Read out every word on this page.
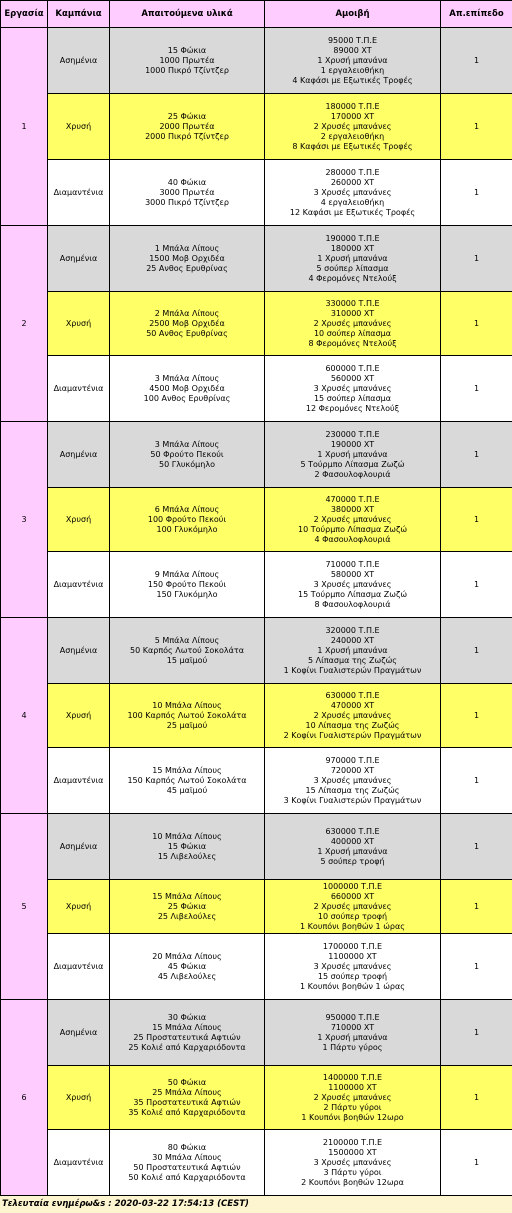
Εργασία	Καμπάνια	Απαιτούμενα υλικά	Αμοιβή	Απ.επίπεδο
1	Ασημένια	15 Φώκια
1000 Πρωτέα
1000 Πικρό Τζίντζερ	95000 Τ.Π.Ε
89000 XT
1 Χρυσή μπανάνα
1 εργαλειοθήκη
4 Καφάσι με Εξωτικές Τροφές	1
	Χρυσή	25 Φώκια
2000 Πρωτέα
2000 Πικρό Τζίντζερ	180000 Τ.Π.Ε
170000 XT
2 Χρυσές μπανάνες
2 εργαλειοθήκη
8 Καφάσι με Εξωτικές Τροφές	1
	Διαμαντένια	40 Φώκια
3000 Πρωτέα
3000 Πικρό Τζίντζερ	280000 Τ.Π.Ε
260000 XT
3 Χρυσές μπανάνες
4 εργαλειοθήκη
12 Καφάσι με Εξωτικές Τροφές	1
2	Ασημένια	1 Μπάλα Λίπους
1500 Μοβ Ορχιδέα
25 Ανθος Ερυθρίνας	190000 Τ.Π.Ε
180000 XT
1 Χρυσή μπανάνα
5 σούπερ λίπασμα
4 Φερομόνες Ντελούξ	1
	Χρυσή	2 Μπάλα Λίπους
2500 Μοβ Ορχιδέα
50 Ανθος Ερυθρίνας	330000 Τ.Π.Ε
310000 XT
2 Χρυσές μπανάνες
10 σούπερ λίπασμα
8 Φερομόνες Ντελούξ	1
	Διαμαντένια	3 Μπάλα Λίπους
4500 Μοβ Ορχιδέα
100 Ανθος Ερυθρίνας	600000 Τ.Π.Ε
560000 XT
3 Χρυσές μπανάνες
15 σούπερ λίπασμα
12 Φερομόνες Ντελούξ	1
3	Ασημένια	3 Μπάλα Λίπους
50 Φρούτο Πεκούι
50 Γλυκόμηλο	230000 Τ.Π.Ε
190000 XT
1 Χρυσή μπανάνα
5 Τούρμπο Λίπασμα Ζωζώ
2 Φασουλοφλουριά	1
	Χρυσή	6 Μπάλα Λίπους
100 Φρούτο Πεκούι
100 Γλυκόμηλο	470000 Τ.Π.Ε
380000 XT
2 Χρυσές μπανάνες
10 Τούρμπο Λίπασμα Ζωζώ
4 Φασουλοφλουριά	1
	Διαμαντένια	9 Μπάλα Λίπους
150 Φρούτο Πεκούι
150 Γλυκόμηλο	710000 Τ.Π.Ε
580000 XT
3 Χρυσές μπανάνες
15 Τούρμπο Λίπασμα Ζωζώ
8 Φασουλοφλουριά	1
4	Ασημένια	5 Μπάλα Λίπους
50 Καρπός Λωτού Σοκολάτα
15 μαϊμού	320000 Τ.Π.Ε
240000 XT
1 Χρυσή μπανάνα
5 Λίπασμα της Ζωζώς
1 Κοφίνι Γυαλιστερών Πραγμάτων	1
	Χρυσή	10 Μπάλα Λίπους
100 Καρπός Λωτού Σοκολάτα
25 μαϊμού	630000 Τ.Π.Ε
470000 XT
2 Χρυσές μπανάνες
10 Λίπασμα της Ζωζώς
2 Κοφίνι Γυαλιστερών Πραγμάτων	1
	Διαμαντένια	15 Μπάλα Λίπους
150 Καρπός Λωτού Σοκολάτα
45 μαϊμού	970000 Τ.Π.Ε
720000 XT
3 Χρυσές μπανάνες
15 Λίπασμα της Ζωζώς
3 Κοφίνι Γυαλιστερών Πραγμάτων	1
5	Ασημένια	10 Μπάλα Λίπους
15 Φώκια
15 Λιβελούλες	630000 Τ.Π.Ε
400000 XT
1 Χρυσή μπανάνα
5 σούπερ τροφή	1
	Χρυσή	15 Μπάλα Λίπους
25 Φώκια
25 Λιβελούλες	1000000 Τ.Π.Ε
660000 XT
2 Χρυσές μπανάνες
10 σούπερ τροφή
1 Κουπόνι βοηθών 1 ώρας	1
	Διαμαντένια	20 Μπάλα Λίπους
45 Φώκια
45 Λιβελούλες	1700000 Τ.Π.Ε
1100000 XT
3 Χρυσές μπανάνες
15 σούπερ τροφή
1 Κουπόνι βοηθών 1 ώρας	1
6	Ασημένια	30 Φώκια
15 Μπάλα Λίπους
25 Προστατευτικά Αφτιών
25 Κολιέ από Καρχαριόδοντα	950000 Τ.Π.Ε
710000 XT
1 Χρυσή μπανάνα
1 Πάρτυ γύρος	1
	Χρυσή	50 Φώκια
25 Μπάλα Λίπους
35 Προστατευτικά Αφτιών
35 Κολιέ από Καρχαριόδοντα	1400000 Τ.Π.Ε
1100000 XT
2 Χρυσές μπανάνες
2 Πάρτυ γύροι
1 Κουπόνι βοηθών 12ωρο	1
	Διαμαντένια	80 Φώκια
30 Μπάλα Λίπους
50 Προστατευτικά Αφτιών
50 Κολιέ από Καρχαριόδοντα	2100000 Τ.Π.Ε
1500000 XT
3 Χρυσές μπανάνες
3 Πάρτυ γύροι
2 Κουπόνι βοηθών 12ωρα	1
Τελευταία ενημέρω&s : 2020-03-22 17:54:13 (CEST)
